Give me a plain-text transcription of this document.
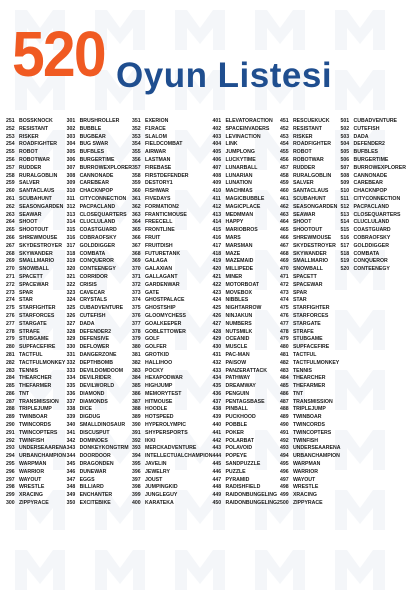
520 Oyun Listesi
251 BOSSKNOCK
252 RESISTANT
253 RISKER
254 ROADFIGHTER
255 ROBOT
256 ROBOTWAR
257 RUDDER
258 RURALGOBLIN
259 SALVER
260 SANTACLAUS
261 SCUBAHUNT
262 SEASONGARDEN
263 SEAWAR
264 SHOOT
265 SHOOTOUT
266 SHREWMOUSE
267 SKYDESTROYER
268 SKYWANDER
269 SMALLMARIO
270 SNOWBALL
271 SPACETT
272 SPACEWAR
273 SPAR
274 STAR
275 STARFIGHTER
276 STARFORCES
277 STARGATE
278 STRAFE
279 STUBGAME
280 SUPFACEFIRE
281 TACTFUL
282 TACTFULMONKEY
283 TENNIS
284 THEARCHER
285 THEFARMER
286 TNT
287 TRANSMISSION
288 TRIPLEJUMP
289 TWINBOAR
290 TWINCORDS
291 TWINCOPTERS
292 TWINFISH
293 UNDERSEAARENA
294 URBANCHAMPION
295 WARPMAN
296 WARRIOR
297 WAYOUT
298 WRESTLE
299 XRACING
300 ZIPPYRACE
301 BRUSHROLLER
302 BUBBLE
303 BUGBEAR
304 BUG SWAR
305 BUFBLES
306 BURGERTIME
307 BURROWEXPLORER
308 CANNONADE
309 CAREBEAR
310 CHACKNPOP
311 CITYCONNECTION
312 PACPACLAND
313 CLOSEQUARTERS
314 CLUCLULAND
315 COASTGUARD
316 COBRAOFSKY
317 GOLDDIGGER
318 COMBATA
319 CONQUEROR
320 CONTEENEGY
321 CORRIDOR
322 CRISIS
323 CAVECAR
324 CRYSTALS
325 CUBADVENTURE
326 CUTEFISH
327 DADA
328 DEFENDER2
329 DEFENSIVE
330 DEFLOWER
331 DANGERZONE
332 DEPTHBOMB
333 DEVILDOMDOOM
334 DEVILRIDER
335 DEVILWORLD
336 DIAMOND
337 DIAMONDS
338 DICE
339 DIGDUG
340 SMALLDINOSAUR
341 DISCUSPUT
342 DOMINOES
343 DONKEYKONGTRM
344 DOORDOOR
345 DRAGONDEN
346 DUNEWAR
347 EGGS
348 BILLIARD
349 ENCHANTER
350 EXCITEBIKE
351 EXERION
352 F1RACE
353 SLALOM
354 FIELDCOMBAT
355 AIRWAR
356 LASTMAN
357 FIREBASE
358 FIRSTDEFENDER
359 DESTORY1
360 FISHWAR
361 FIVEDAYS
362 FORMATION2
363 FRANTICMOUSE
364 FREECELL
365 FRONTLINE
366 FRUIT
367 FRUITDISH
368 FUTURETANK
369 GALAGA
370 GALAXIAN
371 GALLAGANT
372 GARDENWAR
373 GATE
374 GHOSTPALACE
375 GHOSTSHIP
376 GLOOMYCHESS
377 GOALKEEPER
378 GOBLETTOWER
379 GOLF
380 GOLFER
381 GROTKID
382 HALLIHOO
383 POCKY
384 HEXAPODWAR
385 HIGHJUMP
386 MEMORYTEST
387 HITMOUSE
388 HOODLE
389 HOTSPEED
390 HYPEROLYMPIC
391 SHYPERSPORTS
392 IKKI
393 MERCKADVENTURE
394 INTELLECTUALCHAMPION
395 JAVELIN
396 JEWELRY
397 JOUST
398 JUMPINGKID
399 JUNGLEGUY
400 KARATEKA
401 ELEVATORACTION
402 SPACEINVADERS
403 LEVINACTION
404 LINK
405 JUMPLONG
406 LUCKYTIME
407 LUNARBALL
408 LUNARIAN
409 LUNATION
410 MACHMAS
411 MAGICBUBBLE
412 MAGICPLACE
413 MEDMMAN
414 HAPPY
415 MARIOBROS
416 MARS
417 MARSMAN
418 MAZE
419 MAZEMAID
420 MILLIPEDE
421 MINER
422 MOTORBOAT
423 MOVEBOX
424 NIBBLES
425 NIGHTARROW
426 NINJAKUN
427 NUMBERS
428 NUTSMILK
429 OCEANID
430 MUSCLE
431 PAC-MAN
432 PAISOW
433 PANZERATTACK
434 PATHWAY
435 DREAMWAY
436 PENGUIN
437 PENTAGSBASE
438 PINBALL
439 PUCKHOOD
440 POBBLE
441 POKER
442 POLARBAT
443 POLAVOID
444 POPEYE
445 SANDPUZZLE
446 PUZZLE
447 PYRAMID
448 RADISHFIELD
449 RAIDONBUNGELING
450 RAIDONBUNGELING2
451 RESCUEKUCK
452 RESISTANT
453 RISKER
454 ROADFIGHTER
455 ROBOT
456 ROBOTWAR
457 RUDDER
458 RURALGOBLIN
459 SALVER
460 SANTACLAUS
461 SCUBAHUNT
462 SEASONGARDEN
463 SEAWAR
464 SHOOT
465 SHOOTOUT
466 SHREWMOUSE
467 SKYDESTROYER
468 SKYWANDER
469 SMALLMARIO
470 SNOWBALL
471 SPACETT
472 SPACEWAR
473 SPAR
474 STAR
475 STARFIGHTER
476 STARFORCES
477 STARGATE
478 STRAFE
479 STUBGAME
480 SUPFACEFIRE
481 TACTFUL
482 TACTFULMONKEY
483 TENNIS
484 THEARCHER
485 THEFARMER
486 TNT
487 TRANSMISSION
488 TRIPLEJUMP
489 TWINBOAR
490 TWINCORDS
491 TWINCOPTERS
492 TWINFISH
493 UNDERSEAARENA
494 URBANCHAMPION
495 WARPMAN
496 WARRIOR
497 WAYOUT
498 WRESTLE
499 XRACING
500 ZIPPYRACE
501 CUBADVENTURE
502 CUTEFISH
503 DADA
504 DEFENDER2
505 BUFBLES
506 BURGERTIME
507 BURROWEXPLORER
508 CANNONADE
509 CAREBEAR
510 CHACKNPOP
511 CITYCONNECTION
512 PACPACLAND
513 CLOSEQUARTERS
514 CLUCLULAND
515 COASTGUARD
516 COBRAOFSKY
517 GOLDDIGGER
518 COMBATA
519 CONQUEROR
520 CONTEENEGY
